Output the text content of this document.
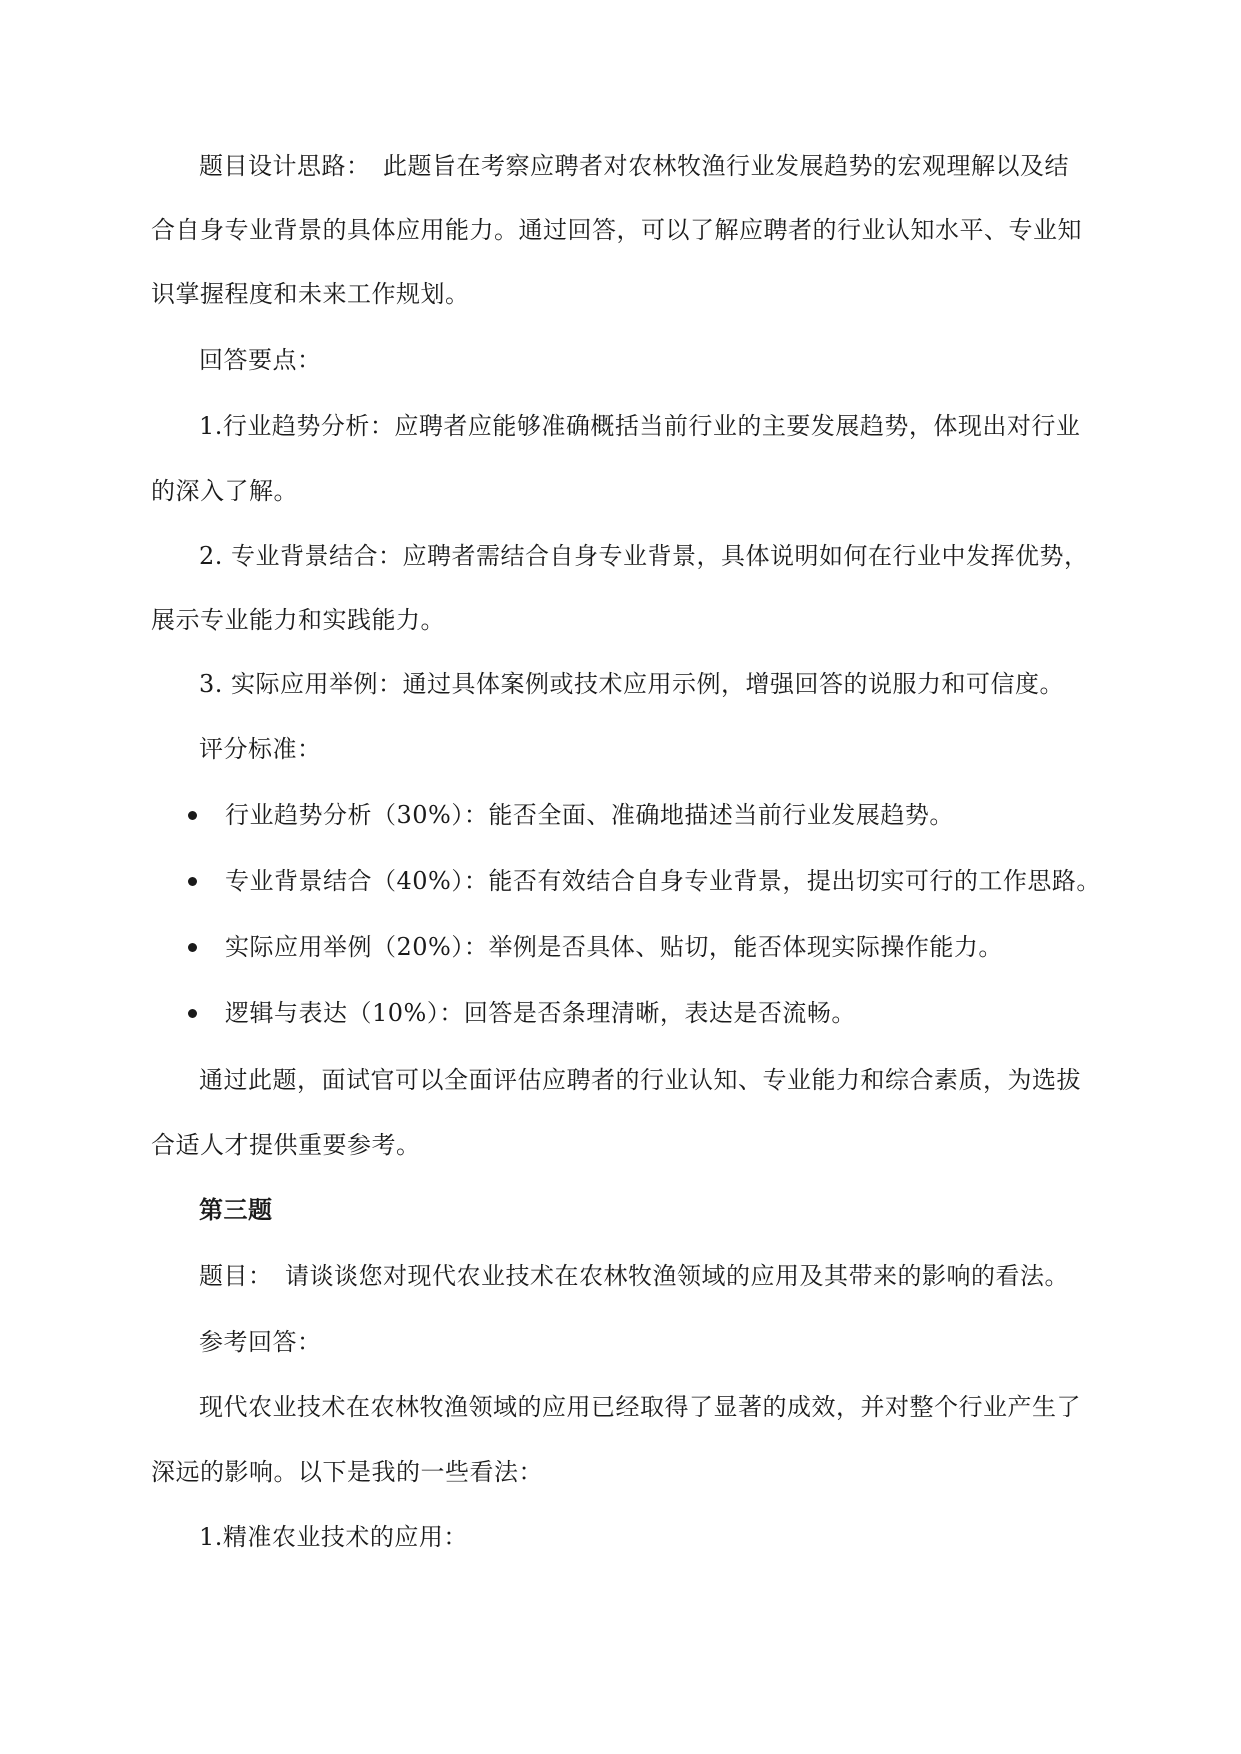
题目设计思路：　此题旨在考察应聘者对农林牧渔行业发展趋势的宏观理解以及结
合自身专业背景的具体应用能力。通过回答，可以了解应聘者的行业认知水平、专业知
识掌握程度和未来工作规划。
回答要点：
1.行业趋势分析：应聘者应能够准确概括当前行业的主要发展趋势，体现出对行业
的深入了解。
2. 专业背景结合：应聘者需结合自身专业背景，具体说明如何在行业中发挥优势，
展示专业能力和实践能力。
3. 实际应用举例：通过具体案例或技术应用示例，增强回答的说服力和可信度。
评分标准：
行业趋势分析（30%）：能否全面、准确地描述当前行业发展趋势。
专业背景结合（40%）：能否有效结合自身专业背景，提出切实可行的工作思路。
实际应用举例（20%）：举例是否具体、贴切，能否体现实际操作能力。
逻辑与表达（10%）：回答是否条理清晰，表达是否流畅。
通过此题，面试官可以全面评估应聘者的行业认知、专业能力和综合素质，为选拔
合适人才提供重要参考。
第三题
题目：　请谈谈您对现代农业技术在农林牧渔领域的应用及其带来的影响的看法。
参考回答：
现代农业技术在农林牧渔领域的应用已经取得了显著的成效，并对整个行业产生了
深远的影响。以下是我的一些看法：
1.精准农业技术的应用：
